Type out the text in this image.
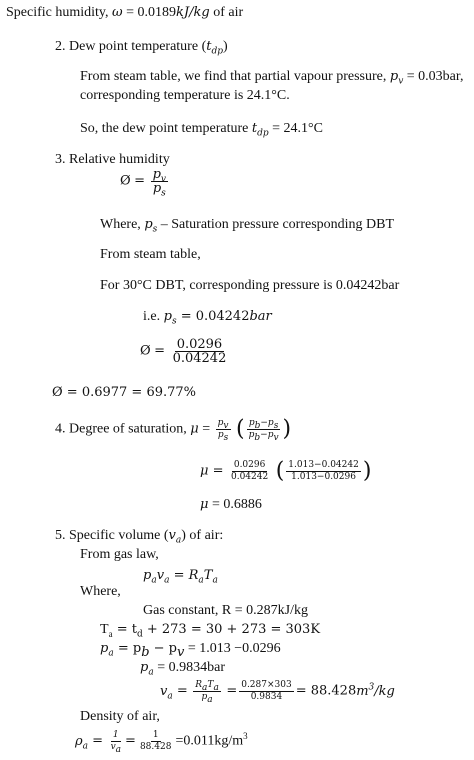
Specific humidity, ω = 0.0189kJ/kg of air
2. Dew point temperature $(t_{dp})$
From steam table, we find that partial vapour pressure, $p_v = 0.03bar$,
corresponding temperature is 24.1°C.
So, the dew point temperature $t_{dp} = 24.1^\circ C$
3. Relative humidity
Ø = $\frac{p_v}{p_s}$
Where, $p_s$ – Saturation pressure corresponding DBT
From steam table,
For 30°C DBT, corresponding pressure is 0.04242bar
i.e. $p_s = 0.04242bar$
Ø = $\frac{0.0296}{0.04242}$
Ø = 0.6977 = 69.77%
4. Degree of saturation, $\mu = \frac{p_v}{p_s}$ ( $\frac{p_b-p_s}{p_b-p_v}$ )
$\mu = \frac{0.0296}{0.04242}$ ( $\frac{1.013-0.04242}{1.013-0.0296}$ )
μ = 0.6886
5. Specific volume $(v_a)$ of air:
From gas law,
$p_av_a = R_aT_a$
Where,
Gas constant, R = 0.287kJ/kg
$T_a = t_d + 273 = 30 + 273 = 303K$
$p_a = p_b - p_v = 1.013 -0.0296$
$p_a = 0.9834bar$
$v_a = \frac{R_aT_a}{p_a} = \frac{0.287\times 303}{0.9834} = 88.428m^3/kg$
Density of air,
$\rho_a = \frac{1}{v_a} = \frac{1}{88.428} =0.011kg/m^3$
